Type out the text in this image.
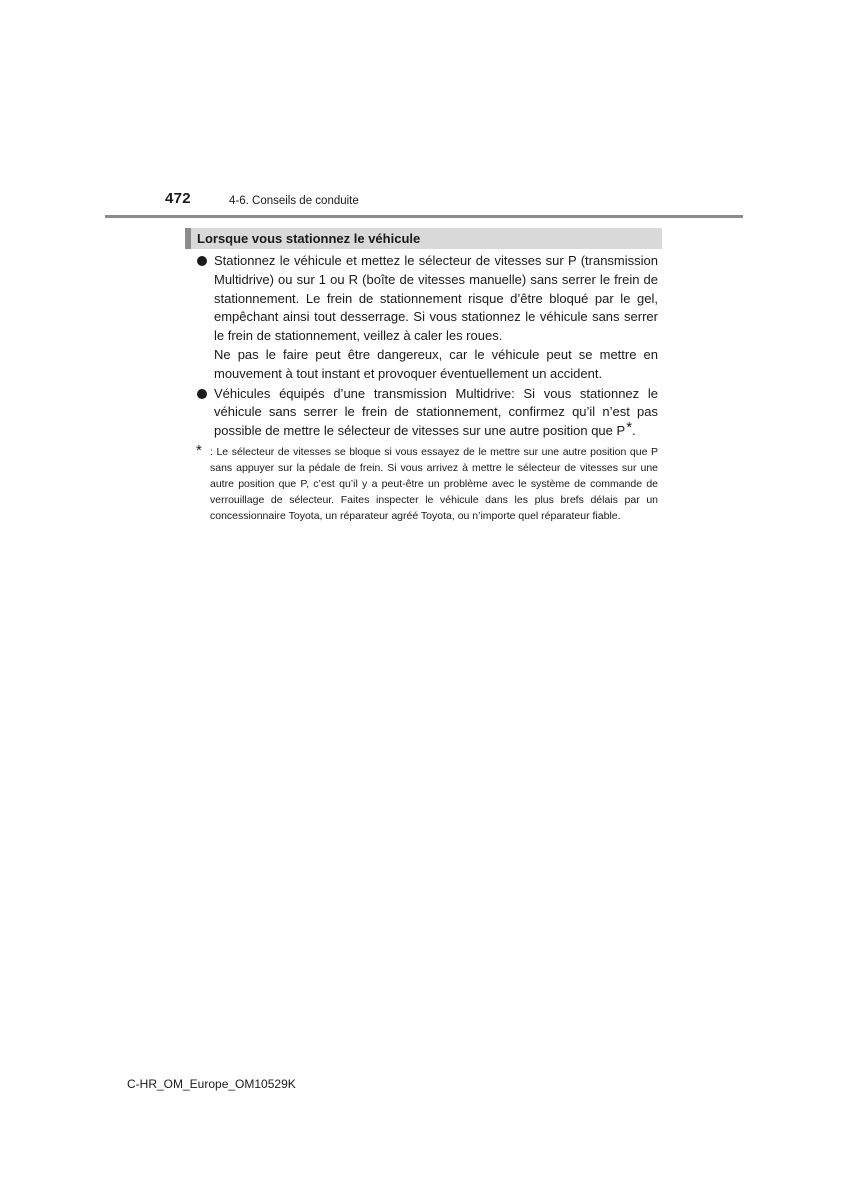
472	4-6. Conseils de conduite
Lorsque vous stationnez le véhicule

Stationnez le véhicule et mettez le sélecteur de vitesses sur P (transmission Multidrive) ou sur 1 ou R (boîte de vitesses manuelle) sans serrer le frein de stationnement. Le frein de stationnement risque d’être bloqué par le gel, empêchant ainsi tout desserrage. Si vous stationnez le véhicule sans serrer le frein de stationnement, veillez à caler les roues.

Ne pas le faire peut être dangereux, car le véhicule peut se mettre en mouvement à tout instant et provoquer éventuellement un accident.

Véhicules équipés d’une transmission Multidrive: Si vous stationnez le véhicule sans serrer le frein de stationnement, confirmez qu’il n’est pas possible de mettre le sélecteur de vitesses sur une autre position que P*.

* : Le sélecteur de vitesses se bloque si vous essayez de le mettre sur une autre position que P sans appuyer sur la pédale de frein. Si vous arrivez à mettre le sélecteur de vitesses sur une autre position que P, c’est qu’il y a peut-être un problème avec le système de commande de verrouillage de sélecteur. Faites inspecter le véhicule dans les plus brefs délais par un concessionnaire Toyota, un réparateur agréé Toyota, ou n’importe quel réparateur fiable.

C-HR_OM_Europe_OM10529K
